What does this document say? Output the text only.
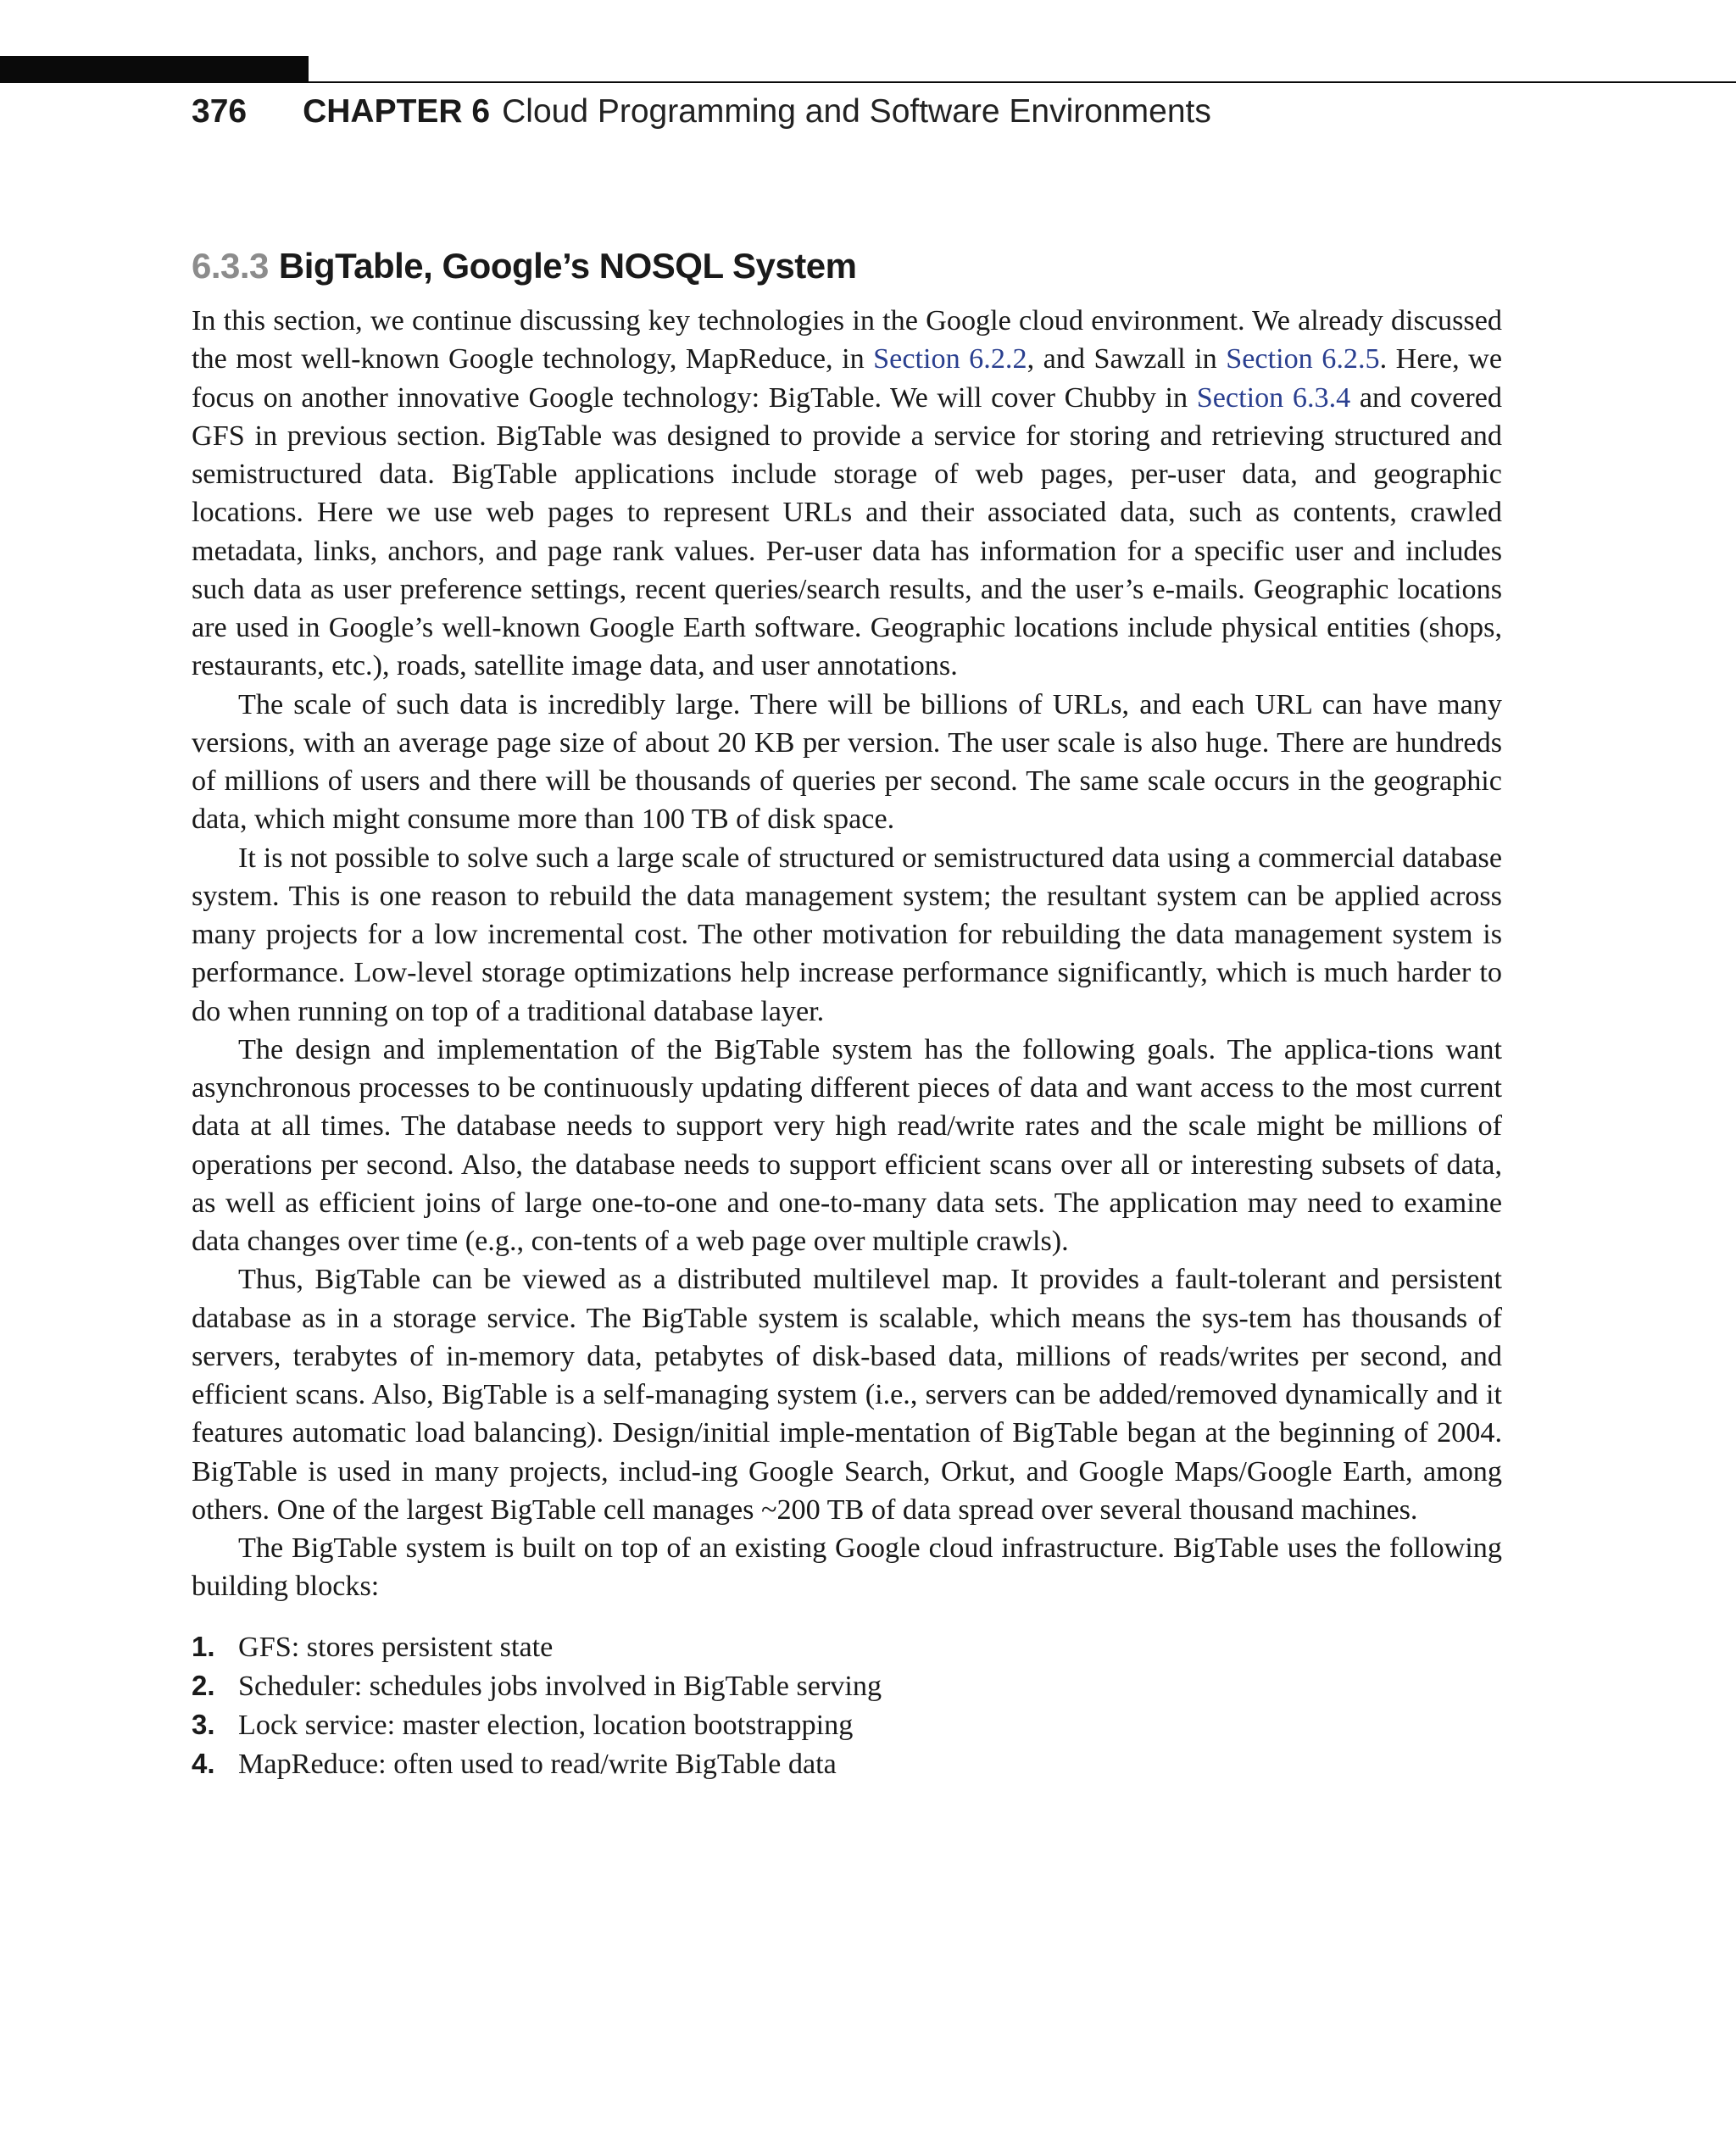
376 CHAPTER 6 Cloud Programming and Software Environments
6.3.3 BigTable, Google’s NOSQL System

In this section, we continue discussing key technologies in the Google cloud environment. We already discussed the most well-known Google technology, MapReduce, in Section 6.2.2, and Sawzall in Section 6.2.5. Here, we focus on another innovative Google technology: BigTable. We will cover Chubby in Section 6.3.4 and covered GFS in previous section. BigTable was designed to provide a service for storing and retrieving structured and semistructured data. BigTable applications include storage of web pages, per-user data, and geographic locations. Here we use web pages to represent URLs and their associated data, such as contents, crawled metadata, links, anchors, and page rank values. Per-user data has information for a specific user and includes such data as user preference settings, recent queries/search results, and the user’s e-mails. Geographic locations are used in Google’s well-known Google Earth software. Geographic locations include physical entities (shops, restaurants, etc.), roads, satellite image data, and user annotations.

The scale of such data is incredibly large. There will be billions of URLs, and each URL can have many versions, with an average page size of about 20 KB per version. The user scale is also huge. There are hundreds of millions of users and there will be thousands of queries per second. The same scale occurs in the geographic data, which might consume more than 100 TB of disk space.

It is not possible to solve such a large scale of structured or semistructured data using a commercial database system. This is one reason to rebuild the data management system; the resultant system can be applied across many projects for a low incremental cost. The other motivation for rebuilding the data management system is performance. Low-level storage optimizations help increase performance significantly, which is much harder to do when running on top of a traditional database layer.

The design and implementation of the BigTable system has the following goals. The applica-tions want asynchronous processes to be continuously updating different pieces of data and want access to the most current data at all times. The database needs to support very high read/write rates and the scale might be millions of operations per second. Also, the database needs to support efficient scans over all or interesting subsets of data, as well as efficient joins of large one-to-one and one-to-many data sets. The application may need to examine data changes over time (e.g., con-tents of a web page over multiple crawls).

Thus, BigTable can be viewed as a distributed multilevel map. It provides a fault-tolerant and persistent database as in a storage service. The BigTable system is scalable, which means the sys-tem has thousands of servers, terabytes of in-memory data, petabytes of disk-based data, millions of reads/writes per second, and efficient scans. Also, BigTable is a self-managing system (i.e., servers can be added/removed dynamically and it features automatic load balancing). Design/initial imple-mentation of BigTable began at the beginning of 2004. BigTable is used in many projects, includ-ing Google Search, Orkut, and Google Maps/Google Earth, among others. One of the largest BigTable cell manages ~200 TB of data spread over several thousand machines.

The BigTable system is built on top of an existing Google cloud infrastructure. BigTable uses the following building blocks:

1. GFS: stores persistent state
2. Scheduler: schedules jobs involved in BigTable serving
3. Lock service: master election, location bootstrapping
4. MapReduce: often used to read/write BigTable data
